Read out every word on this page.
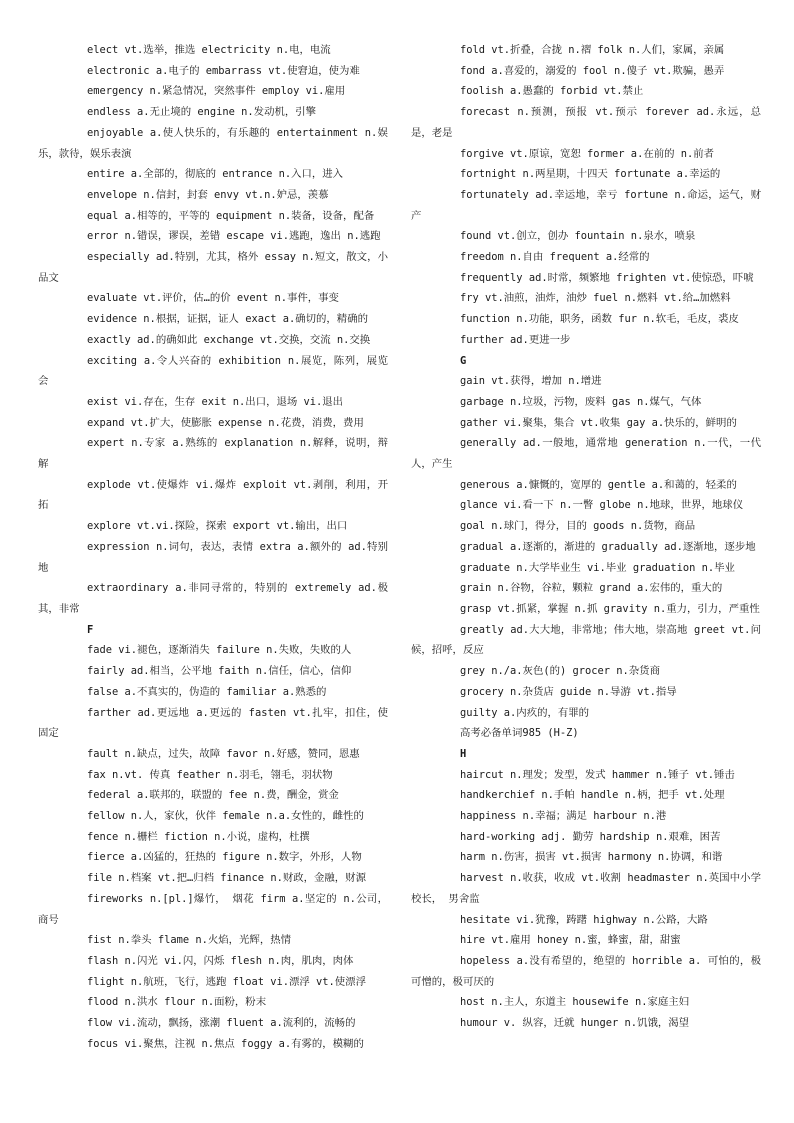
elect vt.选举，推选 electricity n.电，电流

electronic a.电子的 embarrass vt.使窘迫，使为难

emergency n.紧急情况，突然事件 employ vi.雇用

endless a.无止境的 engine n.发动机，引擎

enjoyable a.使人快乐的，有乐趣的 entertainment n.娱乐，款待，娱乐表演

entire a.全部的，彻底的 entrance n.入口，进入

envelope n.信封，封套 envy vt.n.妒忌，羡慕

equal a.相等的，平等的 equipment n.装备，设备，配备

error n.错误，谬误，差错 escape vi.逃跑，逸出 n.逃跑

especially ad.特别，尤其，格外 essay n.短文，散文，小品文

evaluate vt.评价，估…的价 event n.事件，事变

evidence n.根据，证据，证人 exact a.确切的，精确的

exactly ad.的确如此 exchange vt.交换，交流 n.交换

exciting a.令人兴奋的 exhibition n.展览，陈列，展览会

exist vi.存在，生存 exit n.出口，退场 vi.退出

expand vt.扩大，使膨胀 expense n.花费，消费，费用

expert n.专家 a.熟练的 explanation n.解释，说明，辩解

explode vt.使爆炸 vi.爆炸 exploit vt.剥削，利用，开拓

explore vt.vi.探险，探索 export vt.输出，出口

expression n.词句，表达，表情 extra a.额外的 ad.特别地

extraordinary a.非同寻常的，特别的 extremely ad.极其，非常

F

fade vi.褪色，逐渐消失 failure n.失败，失败的人

fairly ad.相当，公平地 faith n.信任，信心，信仰

false a.不真实的，伪造的 familiar a.熟悉的

farther ad.更远地 a.更远的 fasten vt.扎牢，扣住，使固定

fault n.缺点，过失，故障 favor n.好感，赞同，恩惠

fax n.vt. 传真 feather n.羽毛，翎毛，羽状物

federal a.联邦的，联盟的 fee n.费，酬金，赏金

fellow n.人，家伙，伙伴 female n.a.女性的，雌性的

fence n.栅栏 fiction n.小说，虚构，杜撰

fierce a.凶猛的，狂热的 figure n.数字，外形，人物

file n.档案 vt.把…归档 finance n.财政，金融，财源

fireworks n.[pl.]爆竹， 烟花 firm a.坚定的 n.公司，商号

fist n.拳头 flame n.火焰，光辉，热情

flash n.闪光 vi.闪，闪烁 flesh n.肉，肌肉，肉体

flight n.航班，飞行，逃跑 float vi.漂浮 vt.使漂浮

flood n.洪水 flour n.面粉，粉末

flow vi.流动，飘扬，涨潮 fluent a.流利的，流畅的

focus vi.聚焦，注视 n.焦点 foggy a.有雾的，模糊的

fold vt.折叠，合拢 n.褶 folk n.人们，家属，亲属

fond a.喜爱的，溺爱的 fool n.傻子 vt.欺骗，愚弄

foolish a.愚蠢的 forbid vt.禁止

forecast n.预测，预报 vt.预示 forever ad.永远，总是，老是

forgive vt.原谅，宽恕 former a.在前的 n.前者

fortnight n.两星期，十四天 fortunate a.幸运的

fortunately ad.幸运地，幸亏 fortune n.命运，运气，财产

found vt.创立，创办 fountain n.泉水，喷泉

freedom n.自由 frequent a.经常的

frequently ad.时常，频繁地 frighten vt.使惊恐，吓唬

fry vt.油煎，油炸，油炒 fuel n.燃料 vt.给…加燃料

function n.功能，职务，函数 fur n.软毛，毛皮，裘皮

further ad.更进一步

G

gain vt.获得，增加 n.增进

garbage n.垃圾，污物，废料 gas n.煤气，气体

gather vi.聚集，集合 vt.收集 gay a.快乐的，鲜明的

generally ad.一般地，通常地 generation n.一代，一代人，产生

generous a.慷慨的，宽厚的 gentle a.和蔼的，轻柔的

glance vi.看一下 n.一瞥 globe n.地球，世界，地球仪

goal n.球门，得分，目的 goods n.货物，商品

gradual a.逐渐的，渐进的 gradually ad.逐渐地，逐步地

graduate n.大学毕业生 vi.毕业 graduation n.毕业

grain n.谷物，谷粒，颗粒 grand a.宏伟的，重大的

grasp vt.抓紧，掌握 n.抓 gravity n.重力，引力，严重性

greatly ad.大大地，非常地；伟大地，崇高地 greet vt.问候，招呼，反应

grey n./a.灰色(的) grocer n.杂货商

grocery n.杂货店 guide n.导游 vt.指导

guilty a.内疚的，有罪的

高考必备单词985 (H-Z)

H

haircut n.理发；发型，发式 hammer n.锤子 vt.锤击

handkerchief n.手帕 handle n.柄，把手 vt.处理

happiness n.幸福；满足 harbour n.港

hard-working adj. 勤劳 hardship n.艰难，困苦

harm n.伤害，损害 vt.损害 harmony n.协调，和谐

harvest n.收获，收成 vt.收割 headmaster n.英国中小学校长， 男舍监

hesitate vi.犹豫，踌躇 highway n.公路，大路

hire vt.雇用 honey n.蜜，蜂蜜，甜，甜蜜

hopeless a.没有希望的，绝望的 horrible a. 可怕的，极可憎的，极可厌的

host n.主人，东道主 housewife n.家庭主妇

humour v. 纵容，迁就 hunger n.饥饿，渴望
